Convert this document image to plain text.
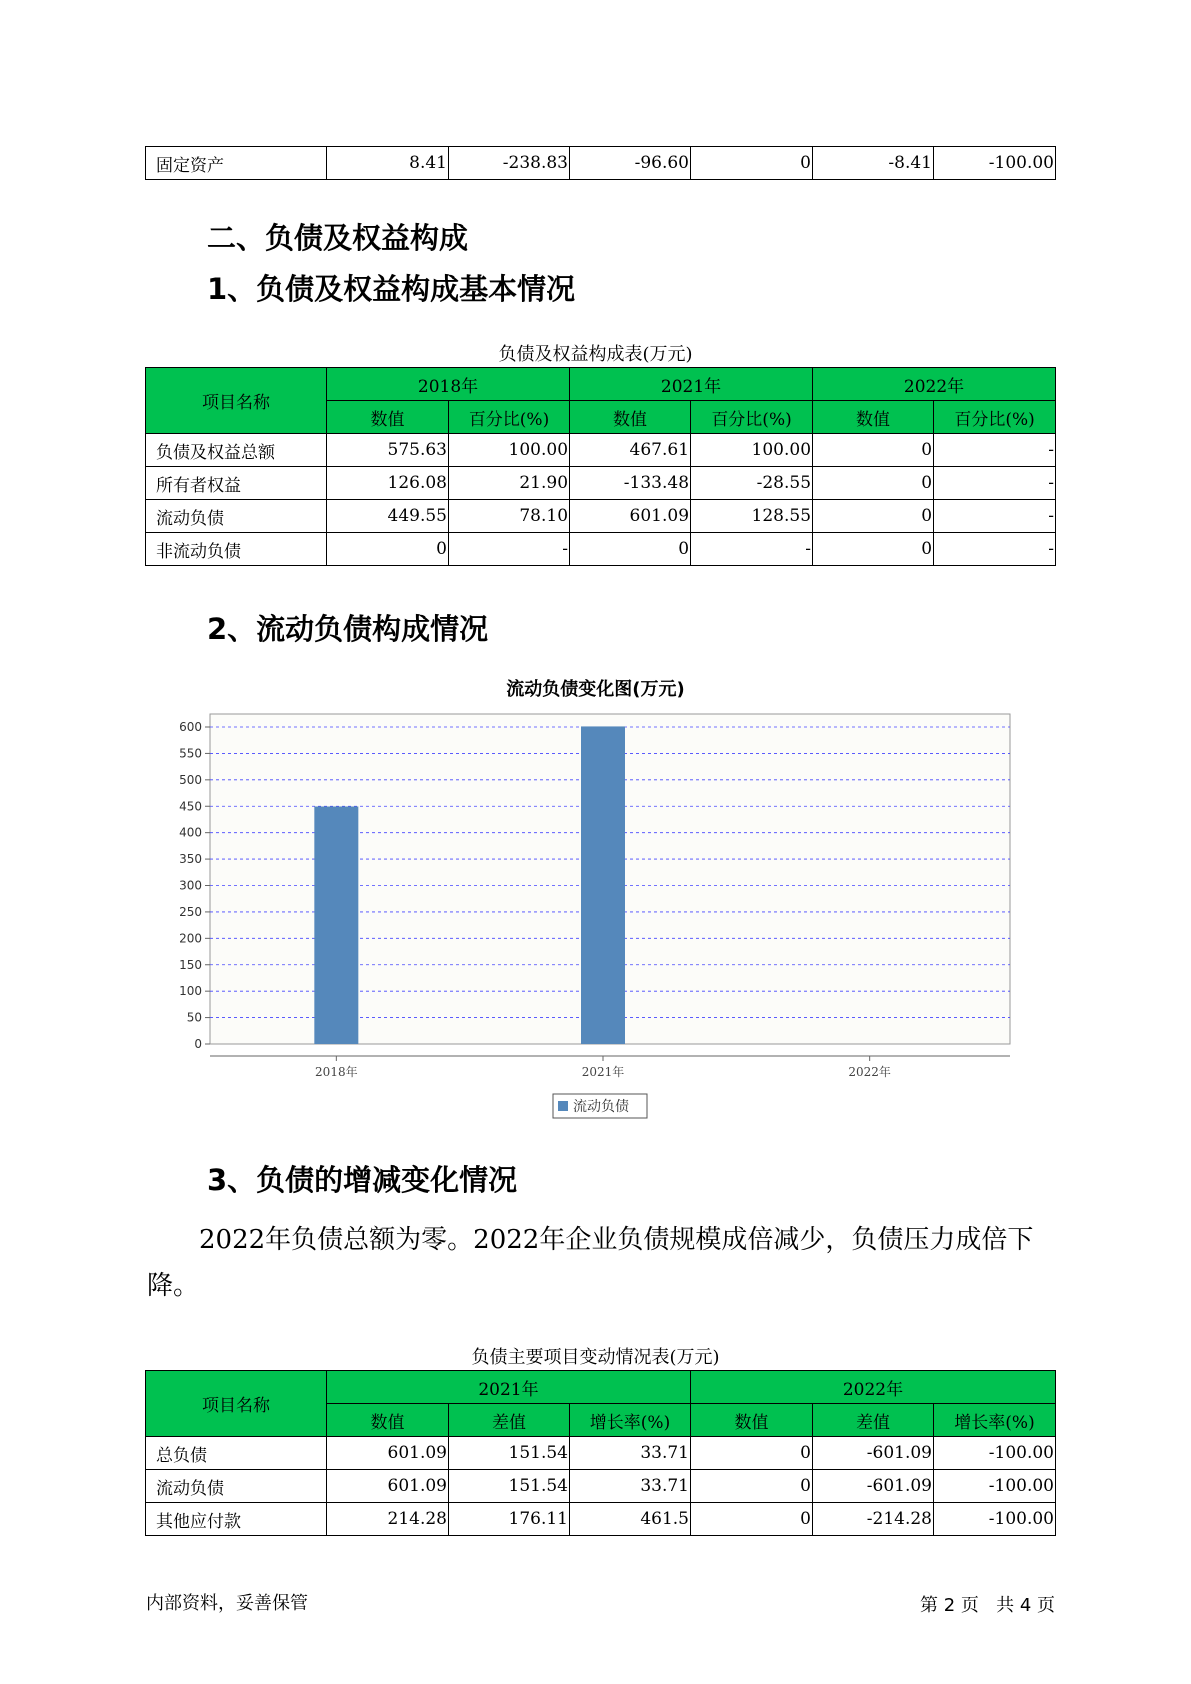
固定资产	8.41	-238.83	-96.60	0	-8.41	-100.00
二、负债及权益构成
1、负债及权益构成基本情况
负债及权益构成表(万元)
项目名称	2018年		2021年		2022年	
	数值	百分比(%)	数值	百分比(%)	数值	百分比(%)
负债及权益总额	575.63	100.00	467.61	100.00	0	-
所有者权益	126.08	21.90	-133.48	-28.55	0	-
流动负债	449.55	78.10	601.09	128.55	0	-
非流动负债	0	-	0	-	0	-
2、流动负债构成情况
流动负债变化图(万元)
0
50
100
150
200
250
300
350
400
450
500
550
600
2018年	2021年	2022年
流动负债
3、负债的增减变化情况
2022年负债总额为零。2022年企业负债规模成倍减少，负债压力成倍下降。
负债主要项目变动情况表(万元)
项目名称	2021年			2022年		
	数值	差值	增长率(%)	数值	差值	增长率(%)
总负债	601.09	151.54	33.71	0	-601.09	-100.00
流动负债	601.09	151.54	33.71	0	-601.09	-100.00
其他应付款	214.28	176.11	461.5	0	-214.28	-100.00
内部资料，妥善保管	第 2 页   共 4 页
